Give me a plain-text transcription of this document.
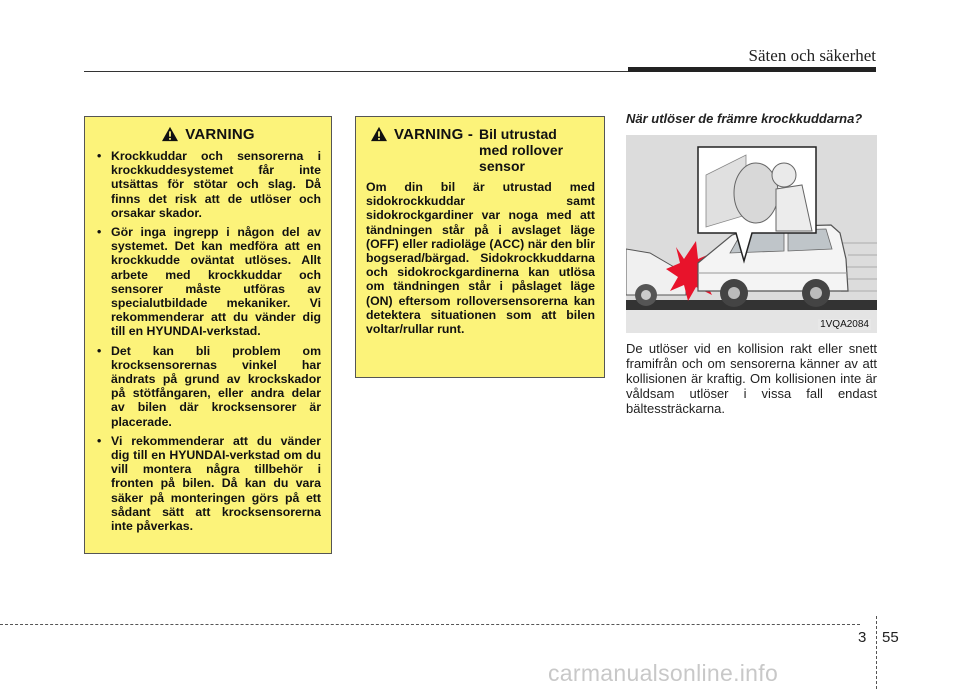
Säten och säkerhet
VARNING
• Krockkuddar och sensorerna i krockkuddesystemet får inte utsättas för stötar och slag. Då finns det risk att de utlöser och orsakar skador.
• Gör inga ingrepp i någon del av systemet. Det kan medföra att en krockkudde oväntat utlöses. Allt arbete med krockkuddar och sensorer måste utföras av specialutbildade mekaniker. Vi rekommenderar att du vänder dig till en HYUNDAI-verkstad.
• Det kan bli problem om krocksensorernas vinkel har ändrats på grund av krockskador på stötfångaren, eller andra delar av bilen där krocksensorer är placerade.
• Vi rekommenderar att du vänder dig till en HYUNDAI-verkstad om du vill montera några tillbehör i fronten på bilen. Då kan du vara säker på monteringen görs på ett sådant sätt att krocksensorerna inte påverkas.
VARNING - Bil utrustad
med rollover
sensor
Om din bil är utrustad med sidokrockkuddar samt sidokrockgardiner var noga med att tändningen står på i avslaget läge (OFF) eller radioläge (ACC) när den blir bogserad/bärgad. Sidokrockkuddarna och sidokrockgardinerna kan utlösa om tändningen står i påslaget läge (ON) eftersom rolloversensorerna kan detektera situationen som att bilen voltar/rullar runt.
När utlöser de främre krockkuddarna?
1VQA2084
De utlöser vid en kollision rakt eller snett framifrån och om sensorerna känner av att kollisionen är kraftig. Om kollisionen inte är våldsam utlöser i vissa fall endast bältessträckarna.
3 55
carmanualsonline.info
